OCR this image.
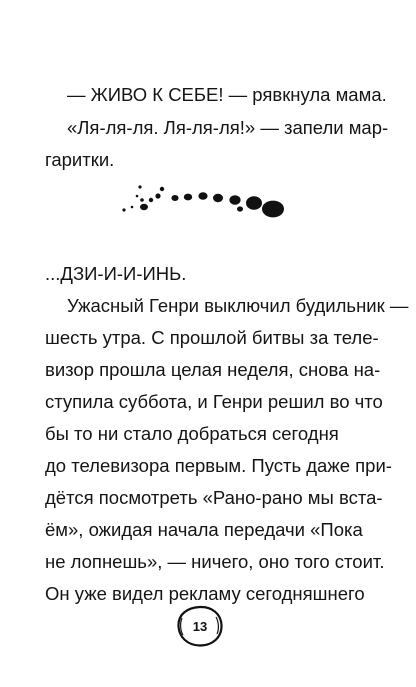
— ЖИВО К СЕБЕ! — рявкнула мама.
«Ля-ля-ля. Ля-ля-ля!» — запели мар-
гаритки.
...ДЗИ-И-И-ИНЬ.
Ужасный Генри выключил будильник —
шесть утра. С прошлой битвы за теле-
визор прошла целая неделя, снова на-
ступила суббота, и Генри решил во что
бы то ни стало добраться сегодня
до телевизора первым. Пусть даже при-
дётся посмотреть «Рано-рано мы вста-
ём», ожидая начала передачи «Пока
не лопнешь», — ничего, оно того стоит.
Он уже видел рекламу сегодняшнего
13
